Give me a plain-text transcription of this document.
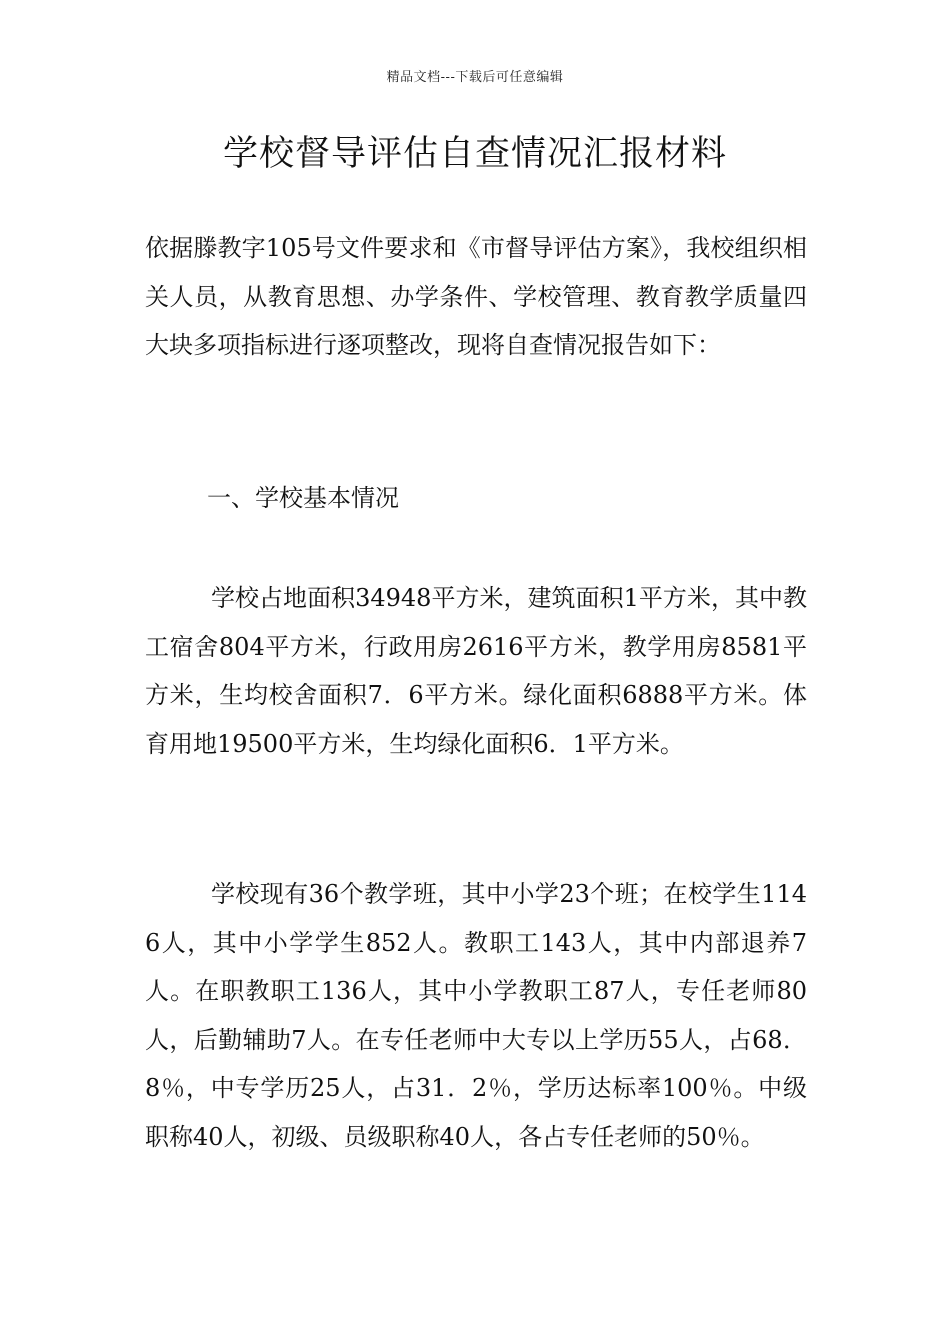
精品文档---下载后可任意编辑
学校督导评估自查情况汇报材料

依据滕教字105号文件要求和《市督导评估方案》，我校组织相关人员，从教育思想、办学条件、学校管理、教育教学质量四大块多项指标进行逐项整改，现将自查情况报告如下：

一、学校基本情况

学校占地面积34948平方米，建筑面积1平方米，其中教工宿舍804平方米，行政用房2616平方米，教学用房8581平方米，生均校舍面积7．6平方米。绿化面积6888平方米。体育用地19500平方米，生均绿化面积6．1平方米。

学校现有36个教学班，其中小学23个班；在校学生1146人，其中小学学生852人。教职工143人，其中内部退养7人。在职教职工136人，其中小学教职工87人，专任老师80人，后勤辅助7人。在专任老师中大专以上学历55人，占68．8％，中专学历25人，占31．2％，学历达标率100％。中级职称40人，初级、员级职称40人，各占专任老师的50％。
